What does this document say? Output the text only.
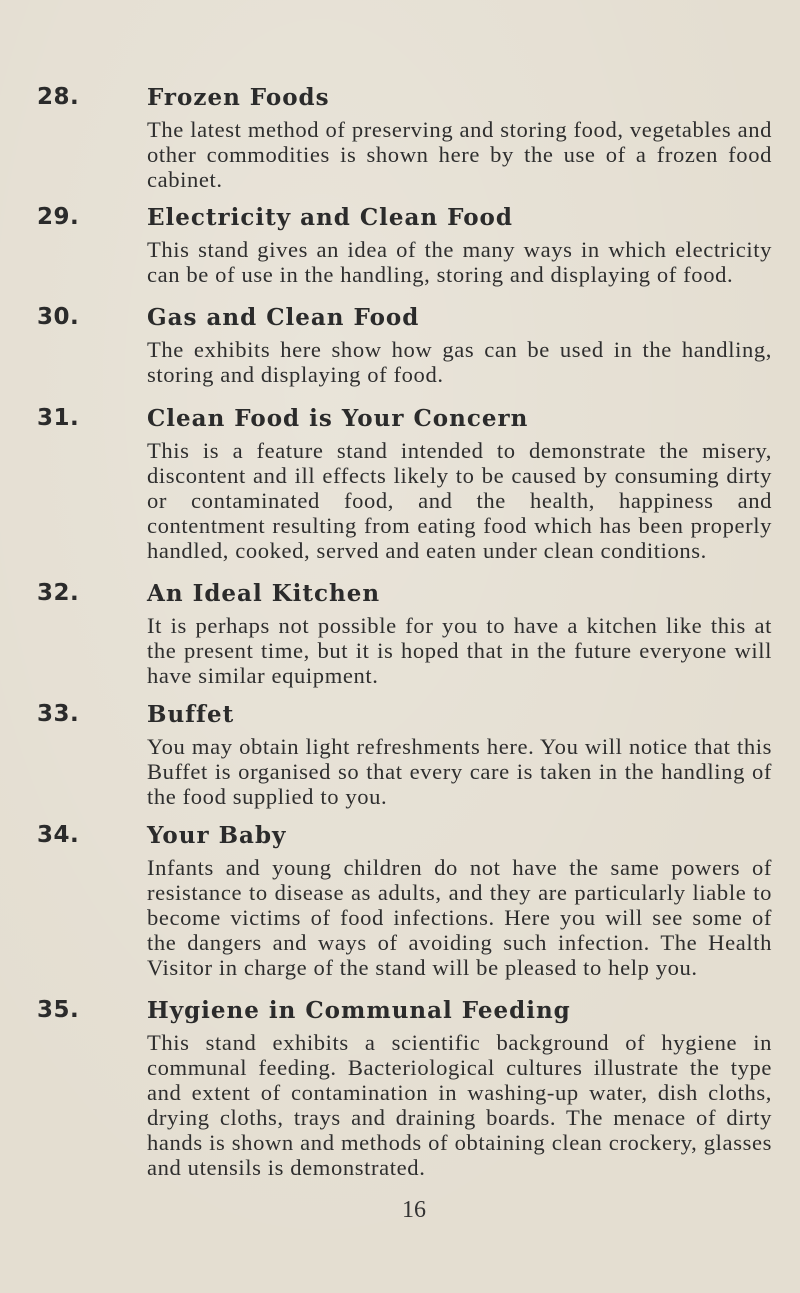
28.	Frozen Foods
The latest method of preserving and storing food, vegetables and other commodities is shown here by the use of a frozen food cabinet.
29.	Electricity and Clean Food
This stand gives an idea of the many ways in which electricity can be of use in the handling, storing and displaying of food.
30.	Gas and Clean Food
The exhibits here show how gas can be used in the handling, storing and displaying of food.
31.	Clean Food is Your Concern
This is a feature stand intended to demonstrate the misery, discontent and ill effects likely to be caused by consuming dirty or contaminated food, and the health, happiness and contentment resulting from eating food which has been properly handled, cooked, served and eaten under clean conditions.
32.	An Ideal Kitchen
It is perhaps not possible for you to have a kitchen like this at the present time, but it is hoped that in the future everyone will have similar equipment.
33.	Buffet
You may obtain light refreshments here. You will notice that this Buffet is organised so that every care is taken in the handling of the food supplied to you.
34.	Your Baby
Infants and young children do not have the same powers of resistance to disease as adults, and they are particularly liable to become victims of food infections. Here you will see some of the dangers and ways of avoiding such infection. The Health Visitor in charge of the stand will be pleased to help you.
35.	Hygiene in Communal Feeding
This stand exhibits a scientific background of hygiene in communal feeding. Bacteriological cultures illustrate the type and extent of contamination in washing-up water, dish cloths, drying cloths, trays and draining boards. The menace of dirty hands is shown and methods of obtaining clean crockery, glasses and utensils is demonstrated.
16
